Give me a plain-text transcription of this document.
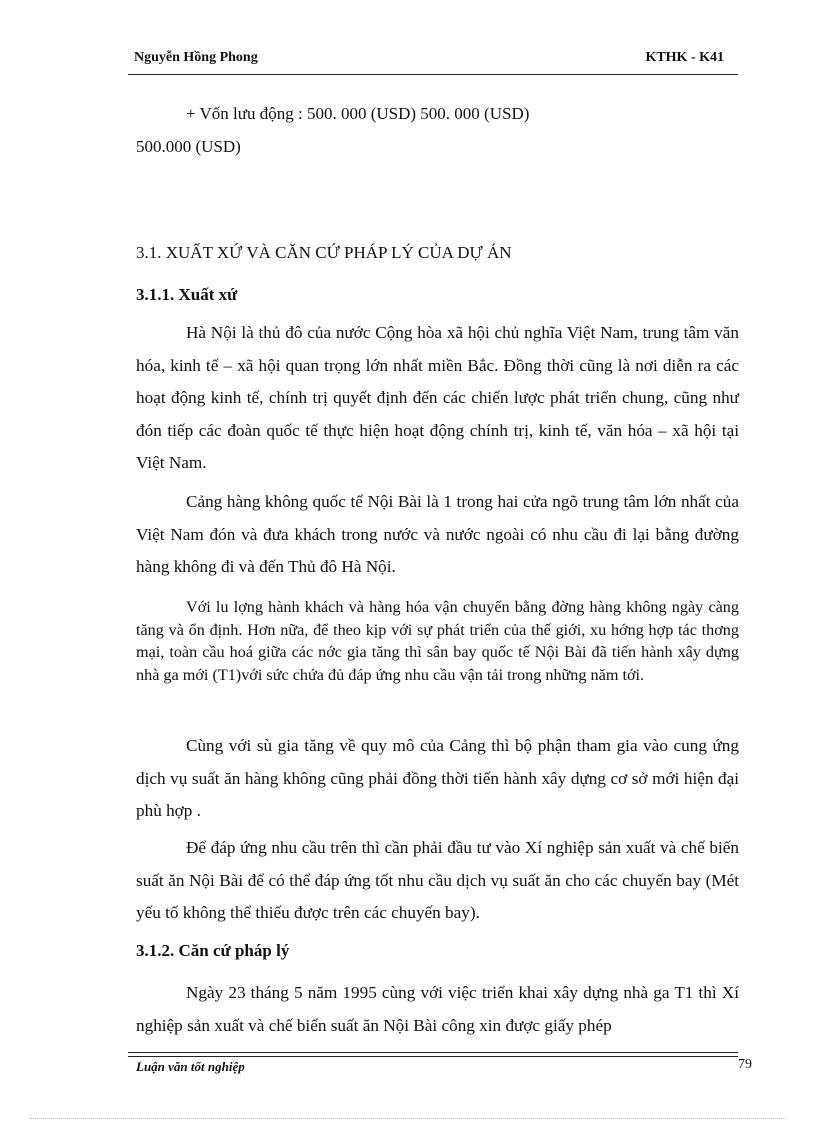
Nguyễn Hồng Phong	KTHK - K41

+ Vốn lưu động : 500. 000 (USD) 500. 000 (USD)

500.000 (USD)

3.1. XUẤT XỨ VÀ CĂN CỨ PHÁP LÝ CỦA DỰ ÁN

3.1.1. Xuất xứ

Hà Nội là thủ đô của nước Cộng hòa xã hội chủ nghĩa Việt Nam, trung tâm văn hóa, kinh tế – xã hội quan trọng lớn nhất miền Bắc. Đồng thời cũng là nơi diễn ra các hoạt động kinh tế, chính trị quyết định đến các chiến lược phát triển chung, cũng như đón tiếp các đoàn quốc tế thực hiện hoạt động chính trị, kinh tế, văn hóa – xã hội tại Việt Nam.

Cảng hàng không quốc tế Nội Bài là 1 trong hai cửa ngõ trung tâm lớn nhất của Việt Nam đón và đưa khách trong nước và nước ngoài có nhu cầu đi lại bằng đường hàng không đi và đến Thủ đô Hà Nội.

Với lu lợng hành khách và hàng hóa vận chuyển bằng đờng hàng không ngày càng tăng và ổn định. Hơn nữa, để theo kịp với sự phát triển của thế giới, xu hớng hợp tác thơng mại, toàn cầu hoá giữa các nớc gia tăng thì sân bay quốc tế Nội Bài đã tiến hành xây dựng nhà ga mới (T1)với sức chứa đủ đáp ứng nhu cầu vận tải trong những năm tới.

Cùng với sù gia tăng về quy mô của Cảng thì bộ phận tham gia vào cung ứng dịch vụ suất ăn hàng không cũng phải đồng thời tiến hành xây dựng cơ sở mới hiện đại phù hợp .

Để đáp ứng nhu cầu trên thì cần phải đầu tư vào Xí nghiệp sản xuất và chế biến suất ăn Nội Bài để có thể đáp ứng tốt nhu cầu dịch vụ suất ăn cho các chuyến bay (Mét yếu tố không thể thiếu được trên các chuyến bay).

3.1.2. Căn cứ pháp lý

Ngày 23 tháng 5 năm 1995 cùng với việc triển khai xây dựng nhà ga T1 thì Xí nghiệp sản xuất và chế biến suất ăn Nội Bài công xin được giấy phép

Luận văn tốt nghiệp	79
